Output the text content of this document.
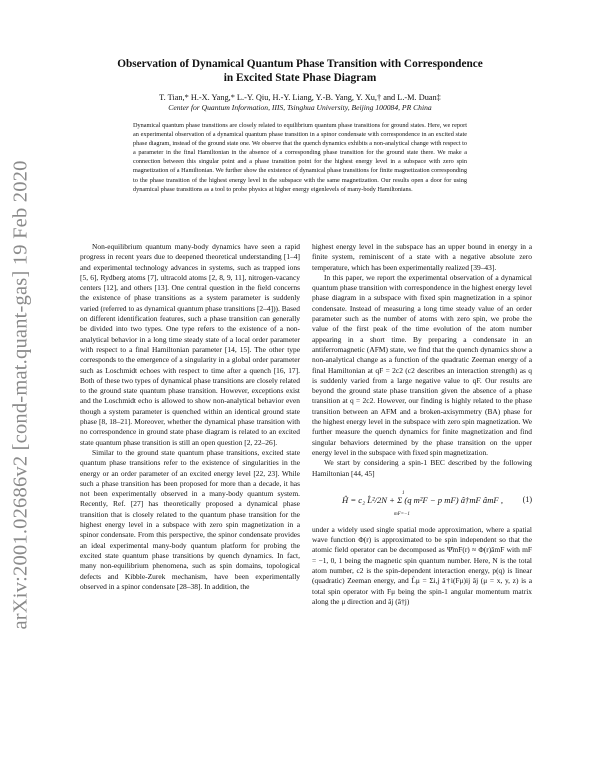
arXiv:2001.02686v2 [cond-mat.quant-gas] 19 Feb 2020
Observation of Dynamical Quantum Phase Transition with Correspondence
in Excited State Phase Diagram
T. Tian,* H.-X. Yang,* L.-Y. Qiu, H.-Y. Liang, Y.-B. Yang, Y. Xu,† and L.-M. Duan‡
Center for Quantum Information, IIIS, Tsinghua University, Beijing 100084, PR China
Dynamical quantum phase transitions are closely related to equilibrium quantum phase transitions for ground states. Here, we report an experimental observation of a dynamical quantum phase transition in a spinor condensate with correspondence in an excited state phase diagram, instead of the ground state one. We observe that the quench dynamics exhibits a non-analytical change with respect to a parameter in the final Hamiltonian in the absence of a corresponding phase transition for the ground state there. We make a connection between this singular point and a phase transition point for the highest energy level in a subspace with zero spin magnetization of a Hamiltonian. We further show the existence of dynamical phase transitions for finite magnetization corresponding to the phase transition of the highest energy level in the subspace with the same magnetization. Our results open a door for using dynamical phase transitions as a tool to probe physics at higher energy eigenlevels of many-body Hamiltonians.

Non-equilibrium quantum many-body dynamics have seen a rapid progress in recent years due to deepened theoretical understanding [1–4] and experimental technology advances in systems, such as trapped ions [5, 6], Rydberg atoms [7], ultracold atoms [2, 8, 9, 11], nitrogen-vacancy centers [12], and others [13]. One central question in the field concerns the existence of phase transitions as a system parameter is suddenly varied (referred to as dynamical quantum phase transitions [2–4])). Based on different identification features, such a phase transition can generally be divided into two types. One type refers to the existence of a non-analytical behavior in a long time steady state of a local order parameter with respect to a final Hamiltonian parameter [14, 15]. The other type corresponds to the emergence of a singularity in a global order parameter such as Loschmidt echoes with respect to time after a quench [16, 17]. Both of these two types of dynamical phase transitions are closely related to the ground state quantum phase transition. However, exceptions exist and the Loschmidt echo is allowed to show non-analytical behavior even though a system parameter is quenched within an identical ground state phase [8, 18–21]. Moreover, whether the dynamical phase transition with no correspondence in ground state phase diagram is related to an excited state quantum phase transition is still an open question [2, 22–26].

Similar to the ground state quantum phase transitions, excited state quantum phase transitions refer to the existence of singularities in the energy or an order parameter of an excited energy level [22, 23]. While such a phase transition has been proposed for more than a decade, it has not been experimentally observed in a many-body quantum system. Recently, Ref. [27] has theoretically proposed a dynamical phase transition that is closely related to the quantum phase transition for the highest energy level in a subspace with zero spin magnetization in a spinor condensate. From this perspective, the spinor condensate provides an ideal experimental many-body quantum platform for probing the excited state quantum phase transitions by quench dynamics. In fact, many non-equilibrium phenomena, such as spin domains, topological defects and Kibble-Zurek mechanism, have been experimentally observed in a spinor condensate [28–38]. In addition, the

highest energy level in the subspace has an upper bound in energy in a finite system, reminiscent of a state with a negative absolute zero temperature, which has been experimentally realized [39–43].

In this paper, we report the experimental observation of a dynamical quantum phase transition with correspondence in the highest energy level phase diagram in a subspace with fixed spin magnetization in a spinor condensate. Instead of measuring a long time steady value of an order parameter such as the number of atoms with zero spin, we probe the value of the first peak of the time evolution of the atom number appearing in a short time. By preparing a condensate in an antiferromagnetic (AFM) state, we find that the quench dynamics show a non-analytical change as a function of the quadratic Zeeman energy of a final Hamiltonian at qF = 2c2 (c2 describes an interaction strength) as q is suddenly varied from a large negative value to qF. Our results are beyond the ground state phase transition given the absence of a phase transition at q = 2c2. However, our finding is highly related to the phase transition between an AFM and a broken-axisymmetry (BA) phase for the highest energy level in the subspace with zero spin magnetization. We further measure the quench dynamics for finite magnetization and find singular behaviors determined by the phase transition on the upper energy level in the subspace with fixed spin magnetization.

We start by considering a spin-1 BEC described by the following Hamiltonian [44, 45]

Ĥ = c₂ L̂²/2N + Σ (q m²F − p mF) â†mF âmF ,
1
mF=−1
(1)

under a widely used single spatial mode approximation, where a spatial wave function Φ(r) is approximated to be spin independent so that the atomic field operator can be decomposed as Ψ̂mF(r) ≈ Φ(r)âmF with mF = −1, 0, 1 being the magnetic spin quantum number. Here, N is the total atom number, c2 is the spin-dependent interaction energy, p(q) is linear (quadratic) Zeeman energy, and L̂μ = Σi,j â†i(Fμ)ij âj (μ = x, y, z) is a total spin operator with Fμ being the spin-1 angular momentum matrix along the μ direction and âj (â†j)
